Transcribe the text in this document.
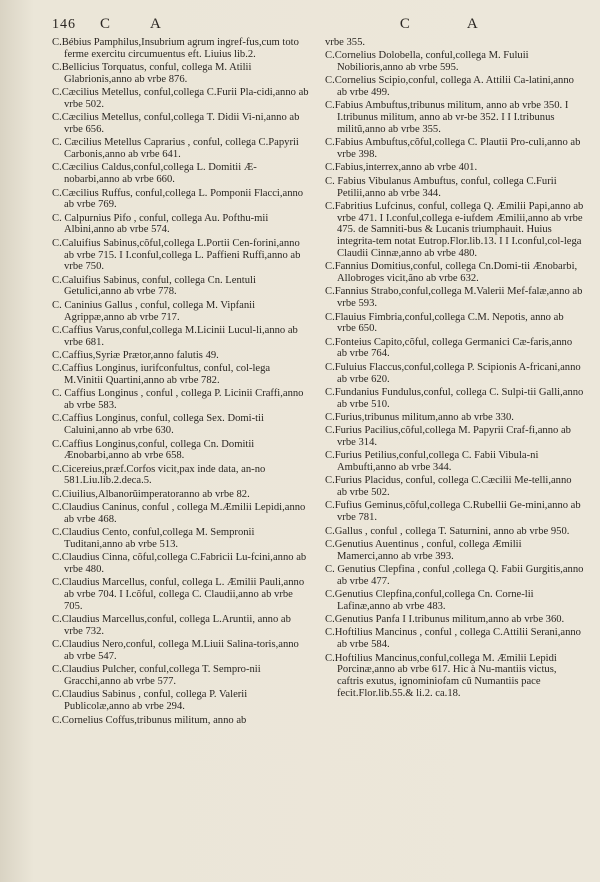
146 C	A	C	A
C.Bébius Pamphilus,Insubrium agrum ingref-fus,cum toto ferme exercitu circumuentus eft. Liuius lib.2.
C.Bellicius Torquatus, conful, collega M. Atilii Glabrionis,anno ab vrbe 876.
C.Cæcilius Metellus, conful,collega C.Furii Pla-cidi,anno ab vrbe 502.
C.Cæcilius Metellus, conful,collega T. Didii Vi-ni,anno ab vrbe 656.
C. Cæcilius Metellus Caprarius , conful, collega C.Papyrii Carbonis,anno ab vrbe 641.
C.Cæcilius Caldus,conful,collega L. Domitii Æ-nobarbi,anno ab vrbe 660.
C.Cæcilius Ruffus, conful,collega L. Pomponii Flacci,anno ab vrbe 769.
C. Calpurnius Pifo , conful, collega Au. Pofthu-mii Albini,anno ab vrbe 574.
C.Caluifius Sabinus,cõful,collega L.Portii Cen-forini,anno ab vrbe 715. I I.conful,collega L. Paffieni Ruffi,anno ab vrbe 750.
C.Caluifius Sabinus, conful, collega Cn. Lentuli Getulici,anno ab vrbe 778.
C. Caninius Gallus , conful, collega M. Vipfanii Agrippæ,anno ab vrbe 717.
C.Caffius Varus,conful,collega M.Licinii Lucul-li,anno ab vrbe 681.
C.Caffius,Syriæ Prætor,anno falutis 49.
C.Caffius Longinus, iurifconfultus, conful, col-lega M.Vinitii Quartini,anno ab vrbe 782.
C. Caffius Longinus , conful , collega P. Licinii Craffi,anno ab vrbe 583.
C.Caffius Longinus, conful, collega Sex. Domi-tii Caluini,anno ab vrbe 630.
C.Caffius Longinus,conful, collega Cn. Domitii Ænobarbi,anno ab vrbe 658.
C.Cicereius,præf.Corfos vicit,pax inde data, an-no 581.Liu.lib.2.deca.5.
C.Ciuilius,Albanorũimperatoranno ab vrbe 82.
C.Claudius Caninus, conful , collega M.Æmilii Lepidi,anno ab vrbe 468.
C.Claudius Cento, conful,collega M. Sempronii Tuditani,anno ab vrbe 513.
C.Claudius Cinna, cõful,collega C.Fabricii Lu-fcini,anno ab vrbe 480.
C.Claudius Marcellus, conful, collega L. Æmilii Pauli,anno ab vrbe 704. I I.cõful, collega C. Claudii,anno ab vrbe 705.
C.Claudius Marcellus,conful, collega L.Aruntii, anno ab vrbe 732.
C.Claudius Nero,conful, collega M.Liuii Salina-toris,anno ab vrbe 547.
C.Claudius Pulcher, conful,collega T. Sempro-nii Gracchi,anno ab vrbe 577.
C.Claudius Sabinus , conful, collega P. Valerii Publicolæ,anno ab vrbe 294.
C.Cornelius Coffus,tribunus militum, anno ab
vrbe 355.
C.Cornelius Dolobella, conful,collega M. Fuluii Nobilioris,anno ab vrbe 595.
C.Cornelius Scipio,conful, collega A. Attilii Ca-latini,anno ab vrbe 499.
C.Fabius Ambuftus,tribunus militum, anno ab vrbe 350. I I.tribunus militum, anno ab vr-be 352. I I I.tribunus militũ,anno ab vrbe 355.
C.Fabius Ambuftus,cõful,collega C. Plautii Pro-culi,anno ab vrbe 398.
C.Fabius,interrex,anno ab vrbe 401.
C. Fabius Vibulanus Ambuftus, conful, collega C.Furii Petilii,anno ab vrbe 344.
C.Fabritius Lufcinus, conful, collega Q. Æmilii Papi,anno ab vrbe 471. I I.conful,collega e-iufdem Æmilii,anno ab vrbe 475. de Samniti-bus & Lucanis triumphauit. Huius integrita-tem notat Eutrop.Flor.lib.13. I I I.conful,col-lega Claudii Cinnæ,anno ab vrbe 480.
C.Fannius Domitius,conful, collega Cn.Domi-tii Ænobarbi, Allobroges vicit,ãno ab vrbe 632.
C.Fannius Strabo,conful,collega M.Valerii Mef-falæ,anno ab vrbe 593.
C.Flauius Fimbria,conful,collega C.M. Nepotis, anno ab vrbe 650.
C.Fonteius Capito,cõful, collega Germanici Cæ-faris,anno ab vrbe 764.
C.Fuluius Flaccus,conful,collega P. Scipionis A-fricani,anno ab vrbe 620.
C.Fundanius Fundulus,conful, collega C. Sulpi-tii Galli,anno ab vrbe 510.
C.Furius,tribunus militum,anno ab vrbe 330.
C.Furius Pacilius,cõful,collega M. Papyrii Craf-fi,anno ab vrbe 314.
C.Furius Petilius,conful,collega C. Fabii Vibula-ni Ambufti,anno ab vrbe 344.
C.Furius Placidus, conful, collega C.Cæcilii Me-telli,anno ab vrbe 502.
C.Fufius Geminus,cõful,collega C.Rubellii Ge-mini,anno ab vrbe 781.
C.Gallus , conful , collega T. Saturnini, anno ab vrbe 950.
C.Genutius Auentinus , conful, collega Æmilii Mamerci,anno ab vrbe 393.
C. Genutius Clepfina , conful ,collega Q. Fabii Gurgitis,anno ab vrbe 477.
C.Genutius Clepfina,conful,collega Cn. Corne-lii Lafinæ,anno ab vrbe 483.
C.Genutius Panfa I I.tribunus militum,anno ab vrbe 360.
C.Hoftilius Mancinus , conful , collega C.Attilii Serani,anno ab vrbe 584.
C.Hoftilius Mancinus,conful,collega M. Æmilii Lepidi Porcinæ,anno ab vrbe 617. Hic à Nu-mantiis victus, caftris exutus, ignominiofam cũ Numantiis pace fecit.Flor.lib.55.& li.2. ca.18.
